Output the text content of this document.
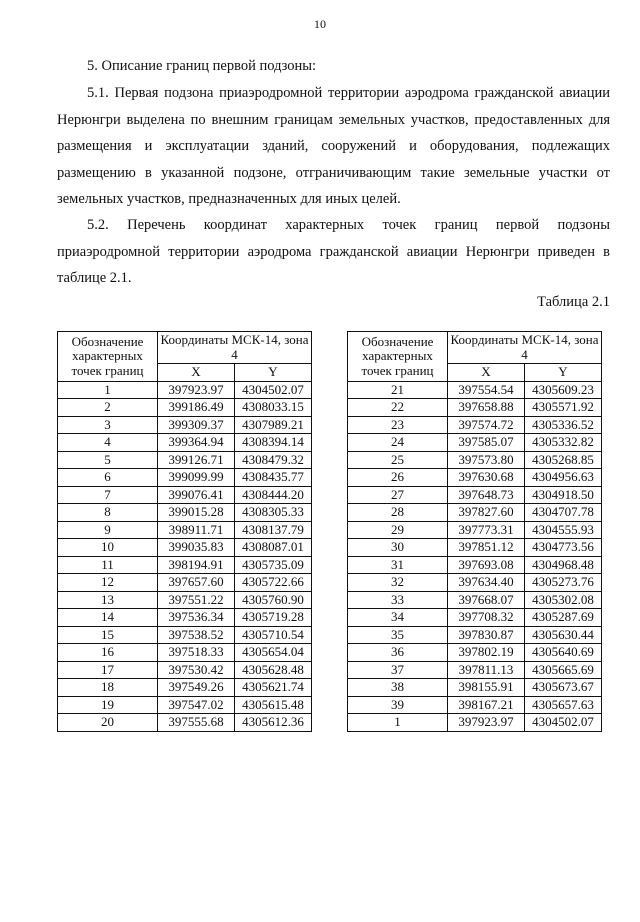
10

5. Описание границ первой подзоны:

5.1. Первая подзона приаэродромной территории аэродрома гражданской авиации Нерюнгри выделена по внешним границам земельных участков, предоставленных для размещения и эксплуатации зданий, сооружений и оборудования, подлежащих размещению в указанной подзоне, отграничивающим такие земельные участки от земельных участков, предназначенных для иных целей.

5.2. Перечень координат характерных точек границ первой подзоны приаэродромной территории аэродрома гражданской авиации Нерюнгри приведен в таблице 2.1.

Таблица 2.1
Обозначение характерных точек границ	Координаты МСК-14, зона 4	
	X	Y
1	397923.97	4304502.07
2	399186.49	4308033.15
3	399309.37	4307989.21
4	399364.94	4308394.14
5	399126.71	4308479.32
6	399099.99	4308435.77
7	399076.41	4308444.20
8	399015.28	4308305.33
9	398911.71	4308137.79
10	399035.83	4308087.01
11	398194.91	4305735.09
12	397657.60	4305722.66
13	397551.22	4305760.90
14	397536.34	4305719.28
15	397538.52	4305710.54
16	397518.33	4305654.04
17	397530.42	4305628.48
18	397549.26	4305621.74
19	397547.02	4305615.48
20	397555.68	4305612.36
Обозначение характерных точек границ	Координаты МСК-14, зона 4	
	X	Y
21	397554.54	4305609.23
22	397658.88	4305571.92
23	397574.72	4305336.52
24	397585.07	4305332.82
25	397573.80	4305268.85
26	397630.68	4304956.63
27	397648.73	4304918.50
28	397827.60	4304707.78
29	397773.31	4304555.93
30	397851.12	4304773.56
31	397693.08	4304968.48
32	397634.40	4305273.76
33	397668.07	4305302.08
34	397708.32	4305287.69
35	397830.87	4305630.44
36	397802.19	4305640.69
37	397811.13	4305665.69
38	398155.91	4305673.67
39	398167.21	4305657.63
1	397923.97	4304502.07
